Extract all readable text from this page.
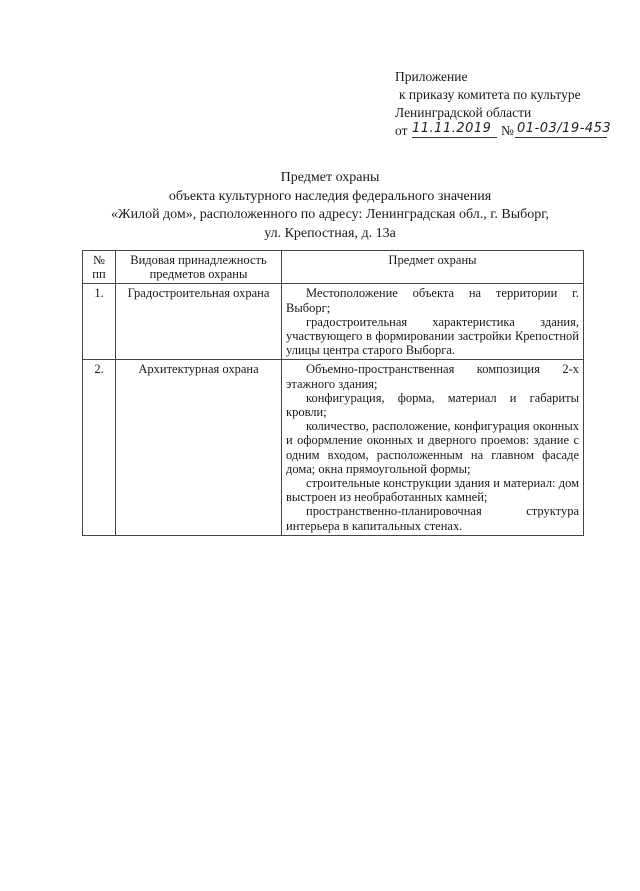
Приложение
к приказу комитета по культуре
Ленинградской области
от 11.11.2019 № 01-03/19-453
Предмет охраны
объекта культурного наследия федерального значения
«Жилой дом», расположенного по адресу: Ленинградская обл., г. Выборг,
ул. Крепостная, д. 13а
№ пп	Видовая принадлежность предметов охраны	Предмет охраны
1.	Градостроительная охрана	Местоположение объекта на территории г. Выборг;

градостроительная характеристика здания, участвующего в формировании застройки Крепостной улицы центра старого Выборга.

2.	Архитектурная охрана	Объемно-пространственная композиция 2-х этажного здания;

конфигурация, форма, материал и габариты кровли;

количество, расположение, конфигурация оконных и оформление оконных и дверного проемов: здание с одним входом, расположенным на главном фасаде дома; окна прямоугольной формы;

строительные конструкции здания и материал: дом выстроен из необработанных камней;

пространственно-планировочная структура интерьера в капитальных стенах.
